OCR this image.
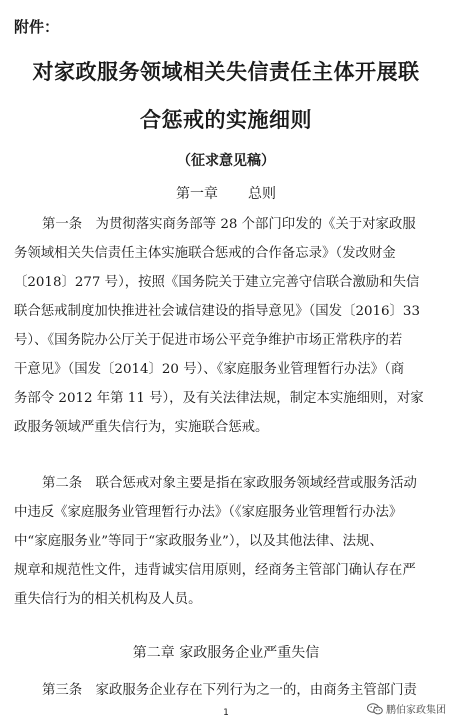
附件：
对家政服务领域相关失信责任主体开展联
合惩戒的实施细则
（征求意见稿）
第一章 总则
第一条　为贯彻落实商务部等 28 个部门印发的《关于对家政服
务领域相关失信责任主体实施联合惩戒的合作备忘录》（发改财金
〔2018〕277 号），按照《国务院关于建立完善守信联合激励和失信
联合惩戒制度加快推进社会诚信建设的指导意见》（国发〔2016〕33
号）、《国务院办公厅关于促进市场公平竞争维护市场正常秩序的若
干意见》（国发〔2014〕20 号）、《家庭服务业管理暂行办法》（商
务部令 2012 年第 11 号），及有关法律法规，制定本实施细则，对家
政服务领域严重失信行为，实施联合惩戒。
第二条　联合惩戒对象主要是指在家政服务领域经营或服务活动
中违反《家庭服务业管理暂行办法》（《家庭服务业管理暂行办法》
中“家庭服务业”等同于“家政服务业”），以及其他法律、法规、
规章和规范性文件，违背诚实信用原则，经商务主管部门确认存在严
重失信行为的相关机构及人员。
第二章 家政服务企业严重失信
第三条　家政服务企业存在下列行为之一的，由商务主管部门责
1	鹏伯家政集团
